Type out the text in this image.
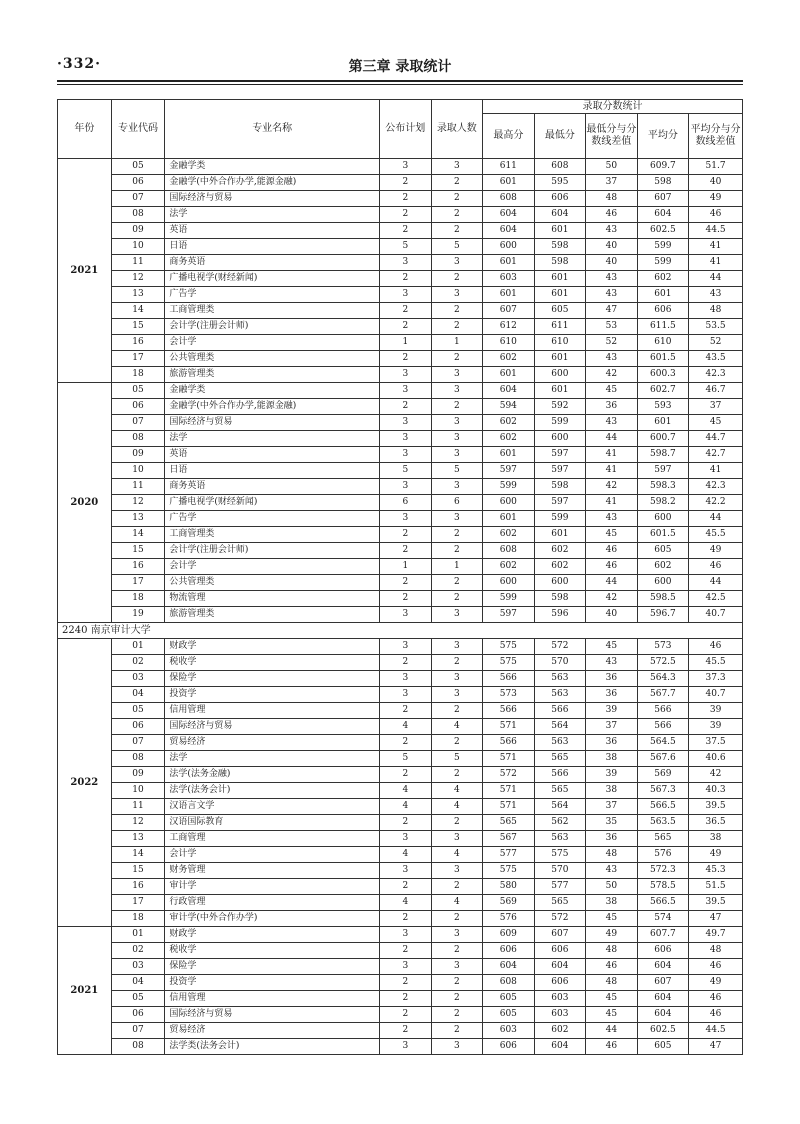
·332·	第三章 录取统计
年份	专业代码	专业名称	公布计划	录取人数	录取分数统计				
					最高分	最低分	最低分与分数线差值	平均分	平均分与分数线差值
2021	05	金融学类	3	3	611	608	50	609.7	51.7
	06	金融学(中外合作办学,能源金融)	2	2	601	595	37	598	40
	07	国际经济与贸易	2	2	608	606	48	607	49
	08	法学	2	2	604	604	46	604	46
	09	英语	2	2	604	601	43	602.5	44.5
	10	日语	5	5	600	598	40	599	41
	11	商务英语	3	3	601	598	40	599	41
	12	广播电视学(财经新闻)	2	2	603	601	43	602	44
	13	广告学	3	3	601	601	43	601	43
	14	工商管理类	2	2	607	605	47	606	48
	15	会计学(注册会计师)	2	2	612	611	53	611.5	53.5
	16	会计学	1	1	610	610	52	610	52
	17	公共管理类	2	2	602	601	43	601.5	43.5
	18	旅游管理类	3	3	601	600	42	600.3	42.3
2020	05	金融学类	3	3	604	601	45	602.7	46.7
	06	金融学(中外合作办学,能源金融)	2	2	594	592	36	593	37
	07	国际经济与贸易	3	3	602	599	43	601	45
	08	法学	3	3	602	600	44	600.7	44.7
	09	英语	3	3	601	597	41	598.7	42.7
	10	日语	5	5	597	597	41	597	41
	11	商务英语	3	3	599	598	42	598.3	42.3
	12	广播电视学(财经新闻)	6	6	600	597	41	598.2	42.2
	13	广告学	3	3	601	599	43	600	44
	14	工商管理类	2	2	602	601	45	601.5	45.5
	15	会计学(注册会计师)	2	2	608	602	46	605	49
	16	会计学	1	1	602	602	46	602	46
	17	公共管理类	2	2	600	600	44	600	44
	18	物流管理	2	2	599	598	42	598.5	42.5
	19	旅游管理类	3	3	597	596	40	596.7	40.7
2240 南京审计大学									
2022	01	财政学	3	3	575	572	45	573	46
	02	税收学	2	2	575	570	43	572.5	45.5
	03	保险学	3	3	566	563	36	564.3	37.3
	04	投资学	3	3	573	563	36	567.7	40.7
	05	信用管理	2	2	566	566	39	566	39
	06	国际经济与贸易	4	4	571	564	37	566	39
	07	贸易经济	2	2	566	563	36	564.5	37.5
	08	法学	5	5	571	565	38	567.6	40.6
	09	法学(法务金融)	2	2	572	566	39	569	42
	10	法学(法务会计)	4	4	571	565	38	567.3	40.3
	11	汉语言文学	4	4	571	564	37	566.5	39.5
	12	汉语国际教育	2	2	565	562	35	563.5	36.5
	13	工商管理	3	3	567	563	36	565	38
	14	会计学	4	4	577	575	48	576	49
	15	财务管理	3	3	575	570	43	572.3	45.3
	16	审计学	2	2	580	577	50	578.5	51.5
	17	行政管理	4	4	569	565	38	566.5	39.5
	18	审计学(中外合作办学)	2	2	576	572	45	574	47
2021	01	财政学	3	3	609	607	49	607.7	49.7
	02	税收学	2	2	606	606	48	606	48
	03	保险学	3	3	604	604	46	604	46
	04	投资学	2	2	608	606	48	607	49
	05	信用管理	2	2	605	603	45	604	46
	06	国际经济与贸易	2	2	605	603	45	604	46
	07	贸易经济	2	2	603	602	44	602.5	44.5
	08	法学类(法务会计)	3	3	606	604	46	605	47
